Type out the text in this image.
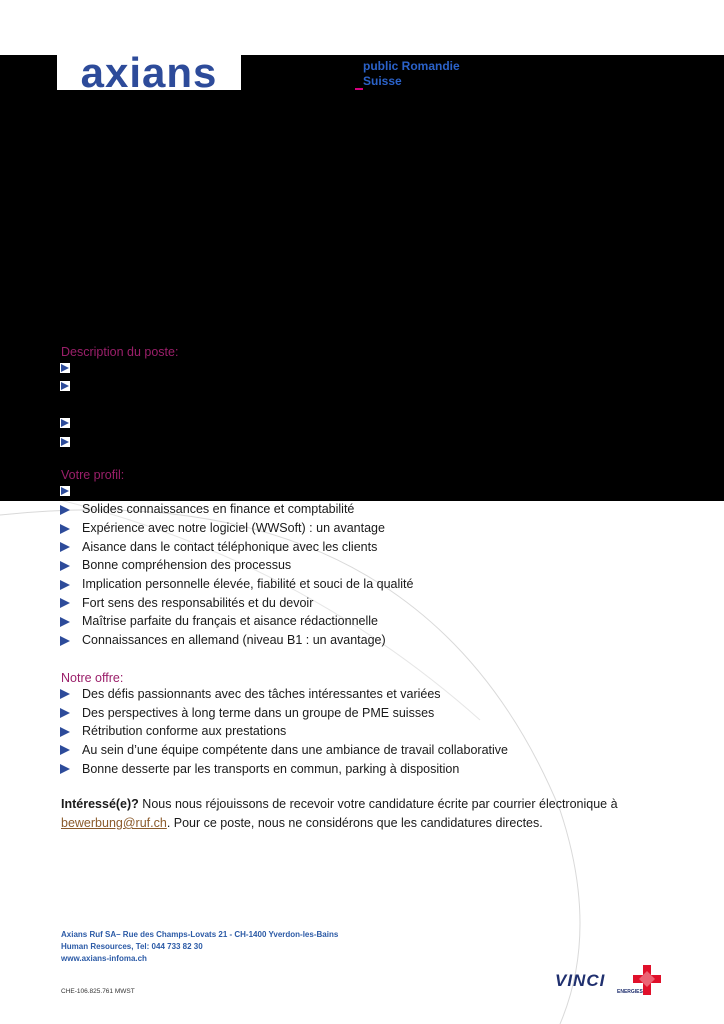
axians	public Romandie
Suisse
Description du poste:
Votre profil:
Solides connaissances en finance et comptabilité
Expérience avec notre logiciel (WWSoft) : un avantage
Aisance dans le contact téléphonique avec les clients
Bonne compréhension des processus
Implication personnelle élevée, fiabilité et souci de la qualité
Fort sens des responsabilités et du devoir
Maîtrise parfaite du français et aisance rédactionnelle
Connaissances en allemand (niveau B1 : un avantage)
Notre offre:
Des défis passionnants avec des tâches intéressantes et variées
Des perspectives à long terme dans un groupe de PME suisses
Rétribution conforme aux prestations
Au sein d’une équipe compétente dans une ambiance de travail collaborative
Bonne desserte par les transports en commun, parking à disposition
Intéressé(e)? Nous nous réjouissons de recevoir votre candidature écrite par courrier électronique à
bewerbung@ruf.ch. Pour ce poste, nous ne considérons que les candidatures directes.
Axians Ruf SA– Rue des Champs-Lovats 21 - CH-1400 Yverdon-les-Bains
Human Resources, Tel: 044 733 82 30
www.axians-infoma.ch
CHE-106.825.761 MWST
VINCI
ENERGIES
